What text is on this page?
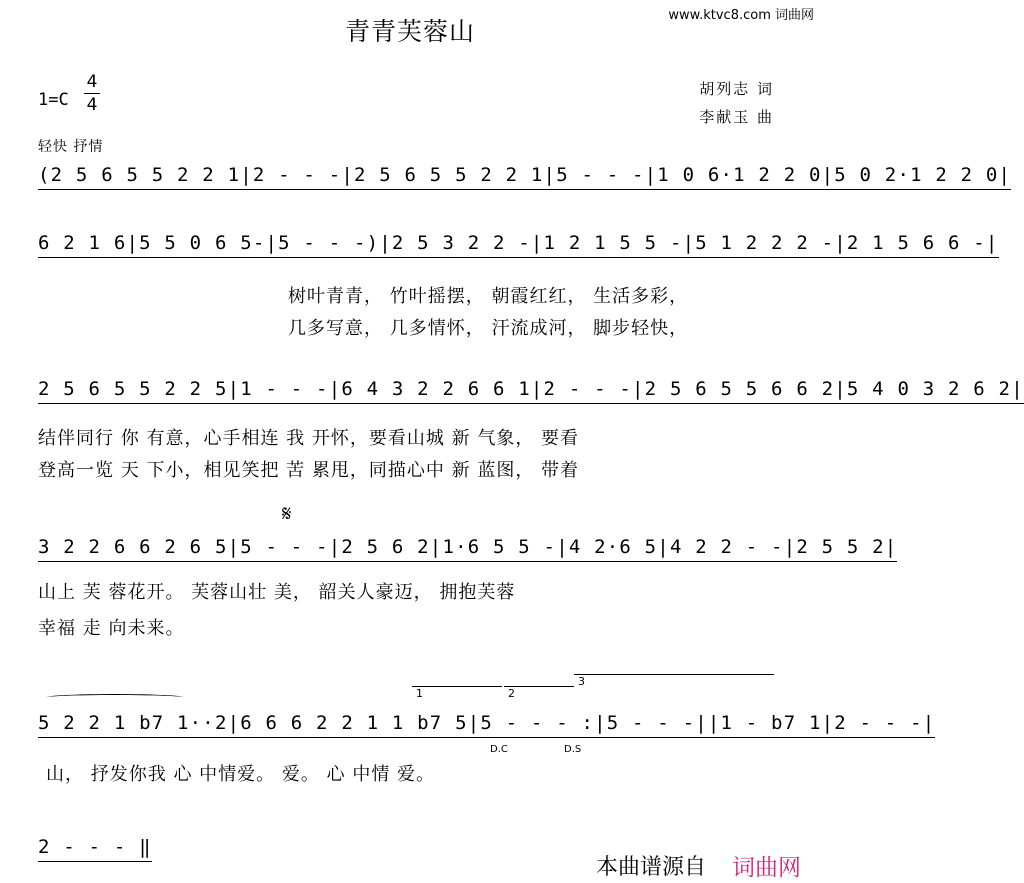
www.ktvc8.com 词曲网
青青芙蓉山
1=C
4
4
胡列志 词
李献玉 曲
轻快 抒情
(2 5 6 5 5 2 2 1|2 - - -|2 5 6 5 5 2 2 1|5 - - -|1 0 6·1 2 2 0|5 0 2·1 2 2 0|
6 2 1 6|5 5 0 6 5-|5 - - -)|2 5 3 2 2 -|1 2 1 5 5 -|5 1 2 2 2 -|2 1 5 6 6 -|
树叶青青， 竹叶摇摆， 朝霞红红， 生活多彩，
几多写意， 几多情怀， 汗流成河， 脚步轻快，
2 5 6 5 5 2 2 5|1 - - -|6 4 3 2 2 6 6 1|2 - - -|2 5 6 5 5 6 6 2|5 4 0 3 2 6 2|
结伴同行 你 有意，心手相连 我 开怀，要看山城 新 气象， 要看
登高一览 天 下小，相见笑把 苦 累甩，同描心中 新 蓝图， 带着
𝄋
3 2 2 6 6 2 6 5|5 - - -|2 5 6 2|1·6 5 5 -|4 2·6 5|4 2 2 - -|2 5 5 2|
山上 芙 蓉花开。 芙蓉山壮 美， 韶关人豪迈， 拥抱芙蓉
幸福 走 向未来。
1	2
3
5 2 2 1 b7 1··2|6 6 6 2 2 1 1 b7 5|5 - - - :|5 - - -||1 - b7 1|2 - - -|
D.C	D.S
山， 抒发你我 心 中情爱。 爱。 心 中情 爱。
2 - - - ‖
本曲谱源自 词曲网
